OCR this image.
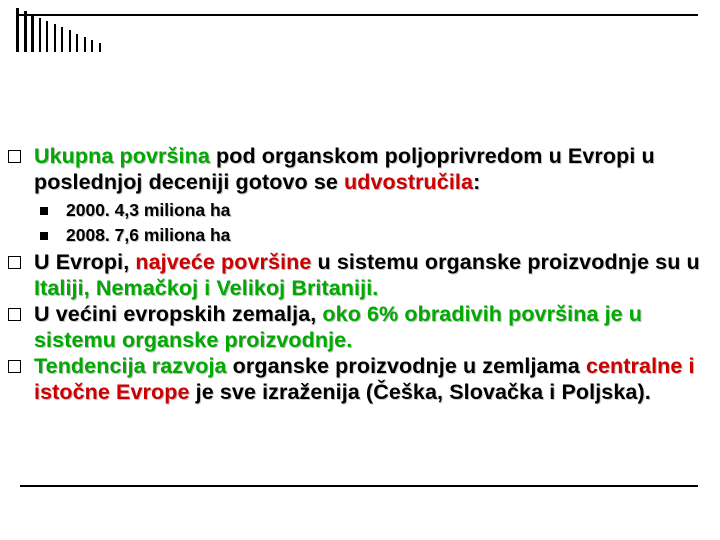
Ukupna površina pod organskom poljoprivredom u Evropi u poslednjoj deceniji gotovo se udvostručila:
2000. 4,3 miliona ha
2008. 7,6 miliona ha
U Evropi, najveće površine u sistemu organske proizvodnje su u Italiji, Nemačkoj i Velikoj Britaniji.
U većini evropskih zemalja, oko 6% obradivih površina je u sistemu organske proizvodnje.
Tendencija razvoja organske proizvodnje u zemljama centralne i istočne Evrope je sve izraženija (Češka, Slovačka i Poljska).
